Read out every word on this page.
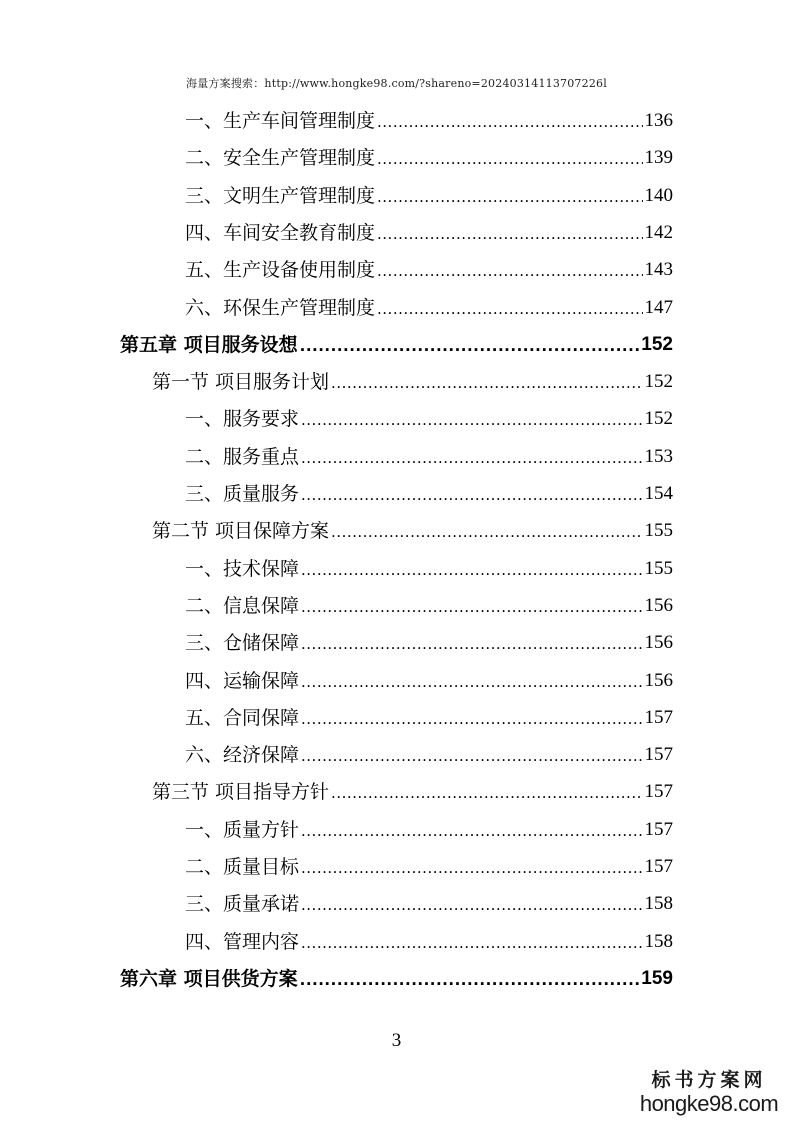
海量方案搜索：http://www.hongke98.com/?shareno=20240314113707226l
一、生产车间管理制度 .....	136
二、安全生产管理制度 .....	139
三、文明生产管理制度 .....	140
四、车间安全教育制度 .....	142
五、生产设备使用制度 .....	143
六、环保生产管理制度 .....	147
第五章 项目服务设想 .....	152
第一节 项目服务计划 .....	152
一、服务要求 .....	152
二、服务重点 .....	153
三、质量服务 .....	154
第二节 项目保障方案 .....	155
一、技术保障 .....	155
二、信息保障 .....	156
三、仓储保障 .....	156
四、运输保障 .....	156
五、合同保障 .....	157
六、经济保障 .....	157
第三节 项目指导方针 .....	157
一、质量方针 .....	157
二、质量目标 .....	157
三、质量承诺 .....	158
四、管理内容 .....	158
第六章 项目供货方案 .....	159
3
标书方案网
hongke98.com
